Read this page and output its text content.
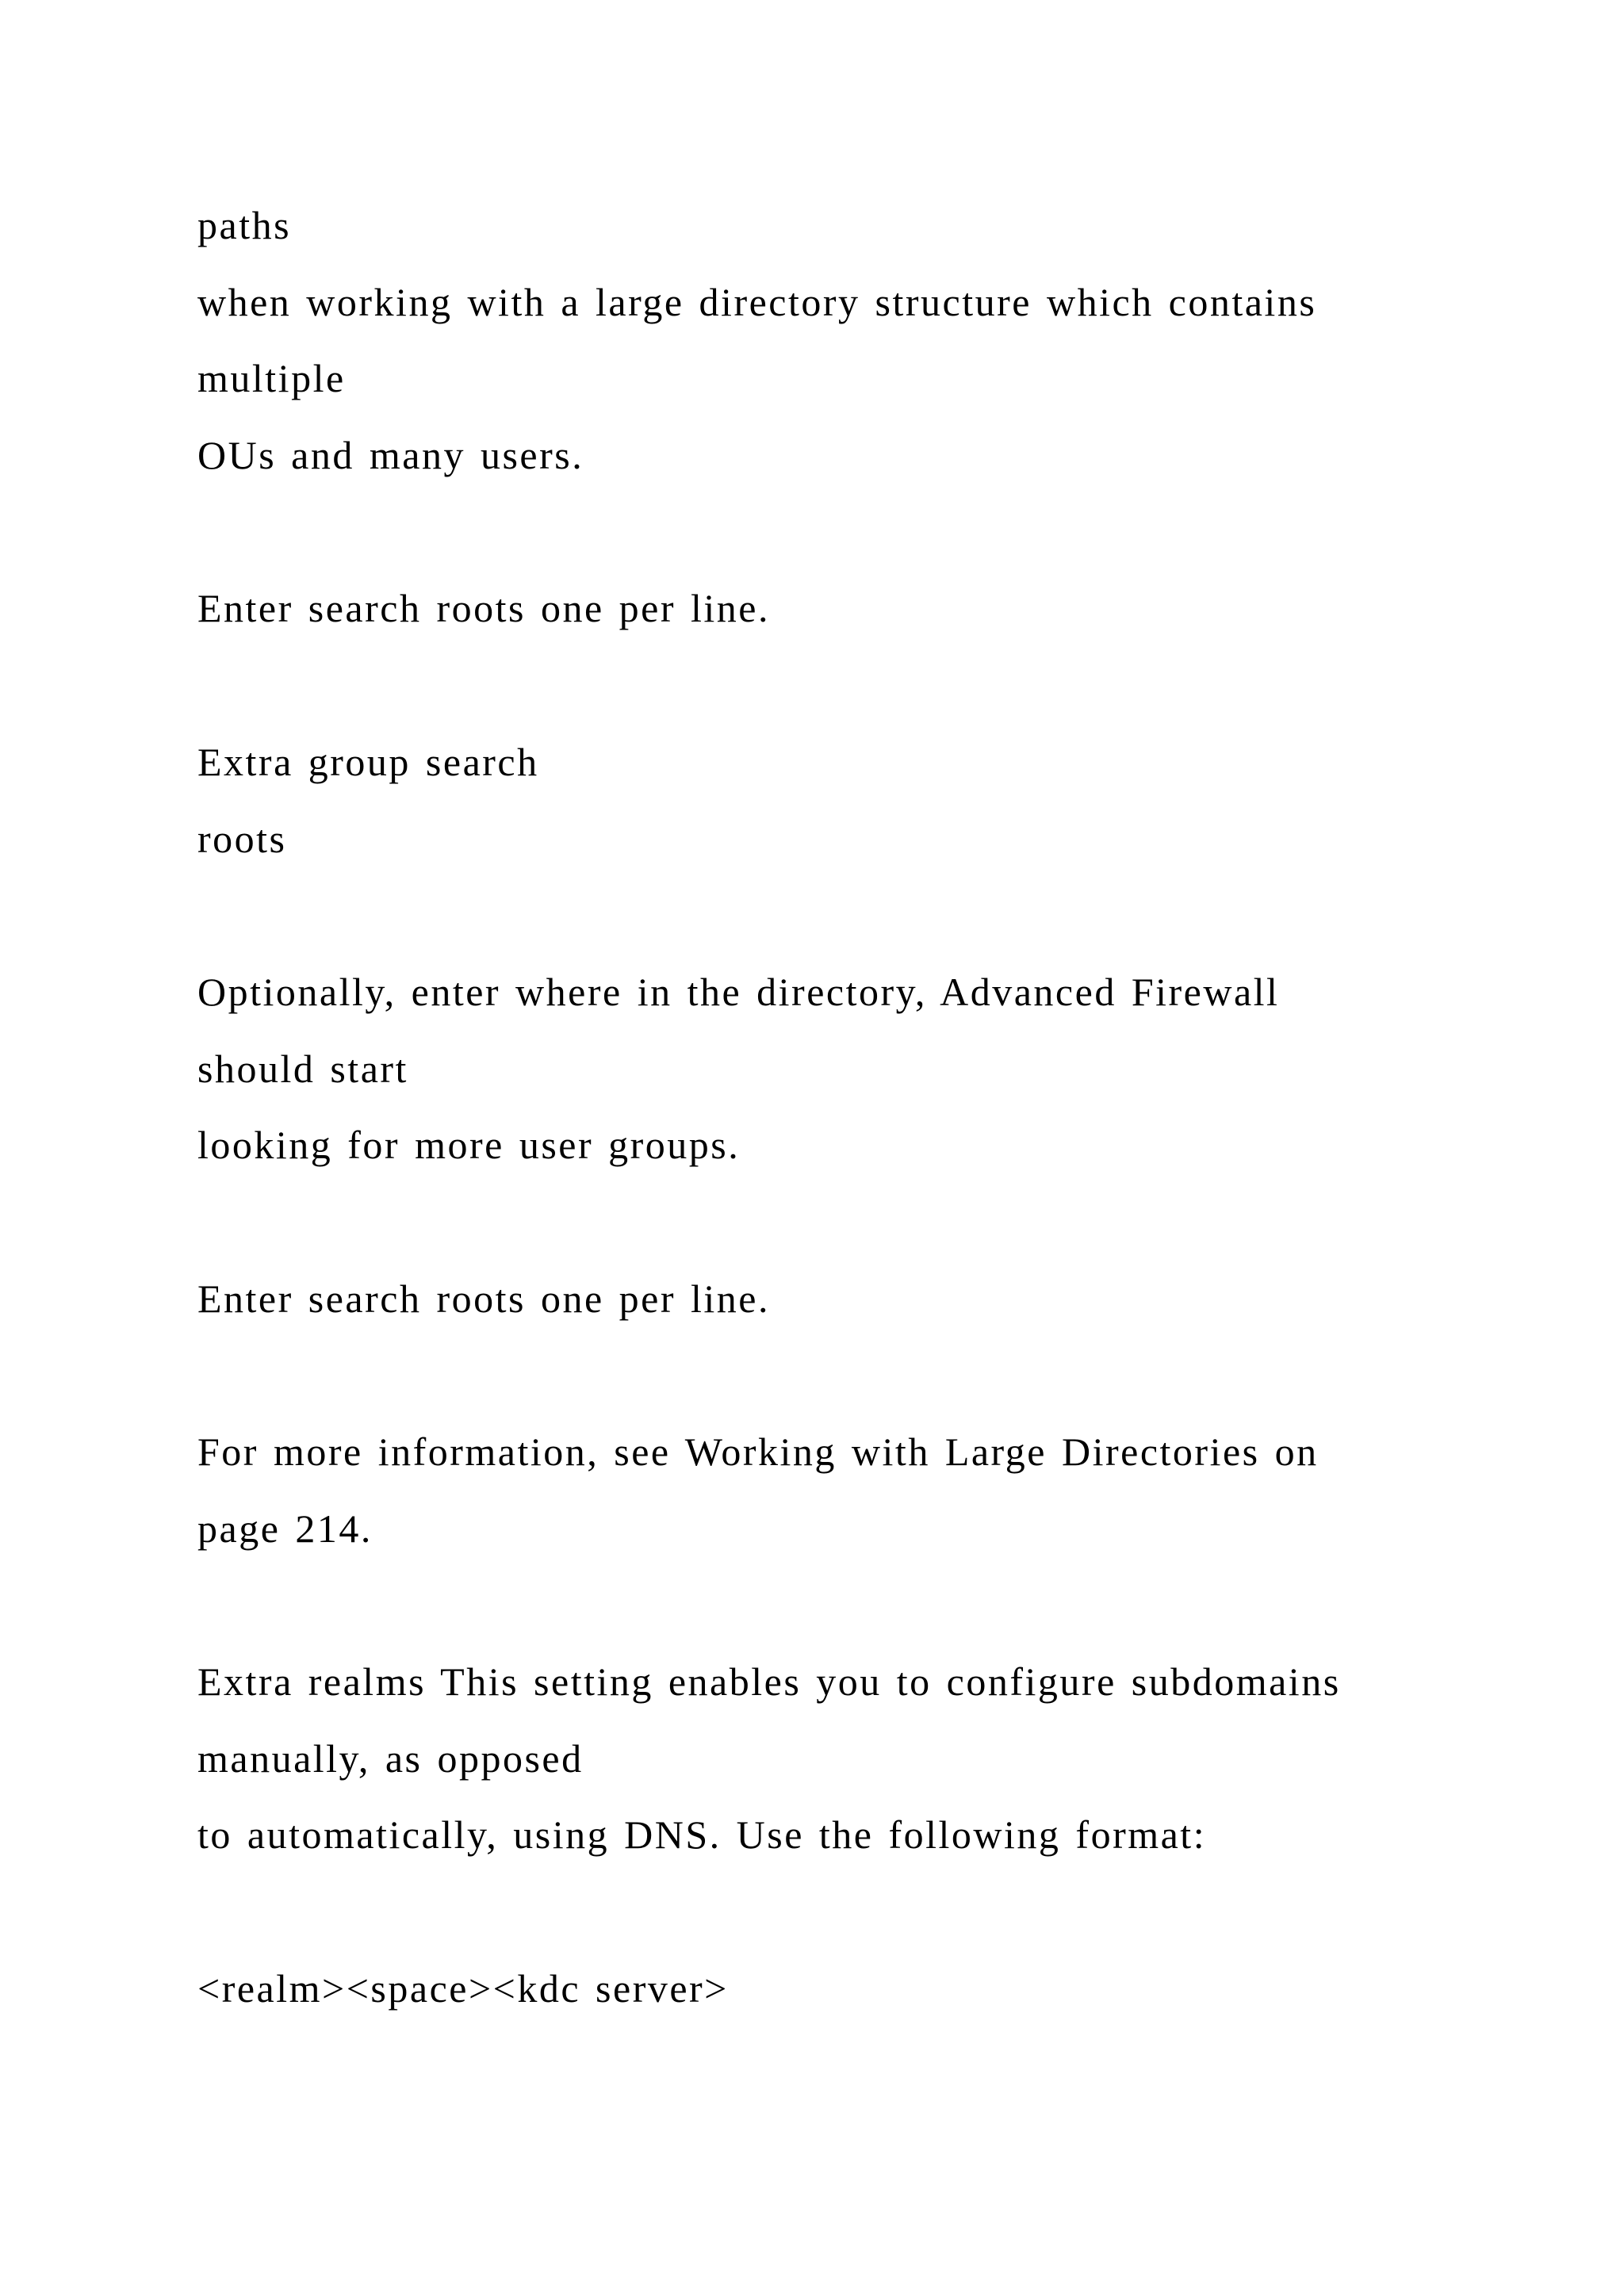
paths
when working with a large directory structure which contains
multiple
OUs and many users.
Enter search roots one per line.
Extra group search
roots
Optionally, enter where in the directory, Advanced Firewall
should start
looking for more user groups.
Enter search roots one per line.
For more information, see Working with Large Directories on
page 214.
Extra realms This setting enables you to configure subdomains
manually, as opposed
to automatically, using DNS. Use the following format:
<realm><space><kdc server>
